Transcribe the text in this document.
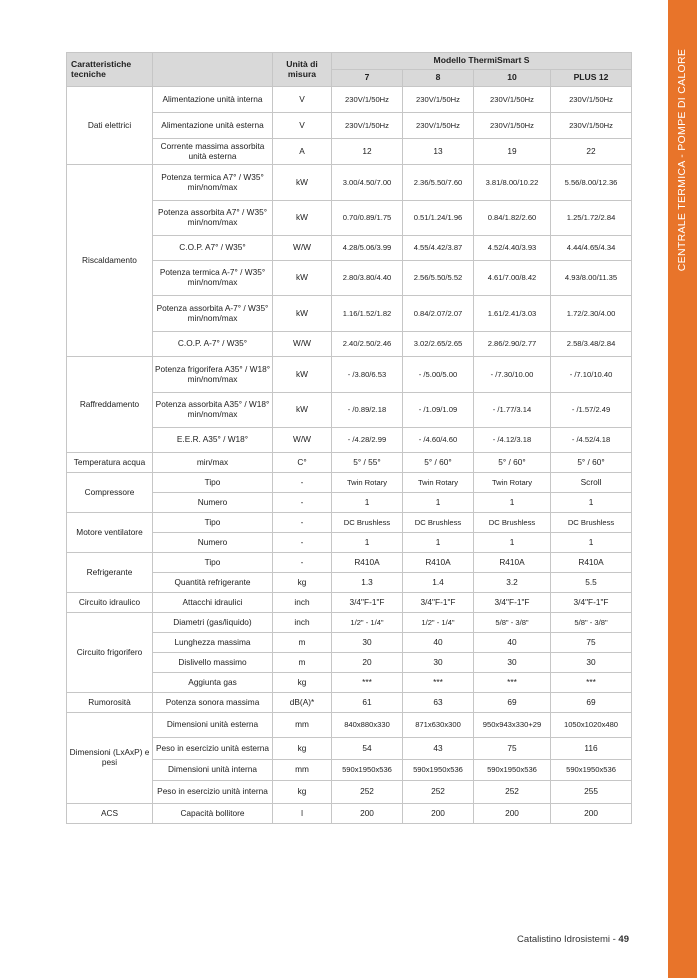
CENTRALE TERMICA - POMPE DI CALORE
Caratteristiche tecniche		Unità di misura	Modello ThermiSmart S			
			7	8	10	PLUS 12
Dati elettrici	Alimentazione unità interna	V	230V/1/50Hz	230V/1/50Hz	230V/1/50Hz	230V/1/50Hz
	Alimentazione unità esterna	V	230V/1/50Hz	230V/1/50Hz	230V/1/50Hz	230V/1/50Hz
	Corrente massima assorbita unità esterna	A	12	13	19	22
Riscaldamento	Potenza termica A7° / W35° min/nom/max	kW	3.00/4.50/7.00	2.36/5.50/7.60	3.81/8.00/10.22	5.56/8.00/12.36
	Potenza assorbita A7° / W35° min/nom/max	kW	0.70/0.89/1.75	0.51/1.24/1.96	0.84/1.82/2.60	1.25/1.72/2.84
	C.O.P. A7° / W35°	W/W	4.28/5.06/3.99	4.55/4.42/3.87	4.52/4.40/3.93	4.44/4.65/4.34
	Potenza termica A-7° / W35° min/nom/max	kW	2.80/3.80/4.40	2.56/5.50/5.52	4.61/7.00/8.42	4.93/8.00/11.35
	Potenza assorbita A-7° / W35° min/nom/max	kW	1.16/1.52/1.82	0.84/2.07/2.07	1.61/2.41/3.03	1.72/2.30/4.00
	C.O.P. A-7° / W35°	W/W	2.40/2.50/2.46	3.02/2.65/2.65	2.86/2.90/2.77	2.58/3.48/2.84
Raffreddamento	Potenza frigorifera A35° / W18° min/nom/max	kW	- /3.80/6.53	- /5.00/5.00	- /7.30/10.00	- /7.10/10.40
	Potenza assorbita A35° / W18° min/nom/max	kW	- /0.89/2.18	- /1.09/1.09	- /1.77/3.14	- /1.57/2.49
	E.E.R. A35° / W18°	W/W	- /4.28/2.99	- /4.60/4.60	- /4.12/3.18	- /4.52/4.18
Temperatura acqua	min/max	C°	5° / 55°	5° / 60°	5° / 60°	5° / 60°
Compressore	Tipo	-	Twin Rotary	Twin Rotary	Twin Rotary	Scroll
	Numero	-	1	1	1	1
Motore ventilatore	Tipo	-	DC Brushless	DC Brushless	DC Brushless	DC Brushless
	Numero	-	1	1	1	1
Refrigerante	Tipo	-	R410A	R410A	R410A	R410A
	Quantità refrigerante	kg	1.3	1.4	3.2	5.5
Circuito idraulico	Attacchi idraulici	inch	3/4"F-1"F	3/4"F-1"F	3/4"F-1"F	3/4"F-1"F
Circuito frigorifero	Diametri (gas/liquido)	inch	1/2" - 1/4"	1/2" - 1/4"	5/8" - 3/8"	5/8" - 3/8"
	Lunghezza massima	m	30	40	40	75
	Dislivello massimo	m	20	30	30	30
	Aggiunta gas	kg	***	***	***	***
Rumorosità	Potenza sonora massima	dB(A)*	61	63	69	69
Dimensioni (LxAxP) e pesi	Dimensioni unità esterna	mm	840x880x330	871x630x300	950x943x330+29	1050x1020x480
	Peso in esercizio unità esterna	kg	54	43	75	116
	Dimensioni unità interna	mm	590x1950x536	590x1950x536	590x1950x536	590x1950x536
	Peso in esercizio unità interna	kg	252	252	252	255
ACS	Capacità bollitore	l	200	200	200	200
Catalistino Idrosistemi - 49
